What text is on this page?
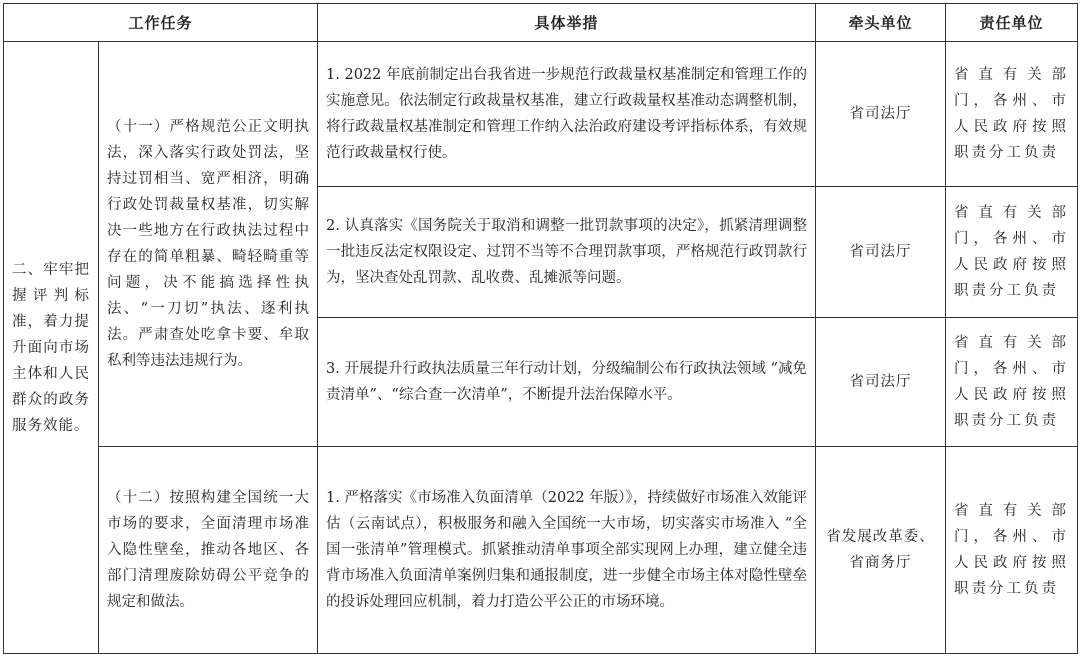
工作任务		具体举措	牵头单位	责任单位
二、牢牢把握评判标准，着力提升面向市场主体和人民群众的政务服务效能。	（十一）严格规范公正文明执法，深入落实行政处罚法，坚持过罚相当、宽严相济，明确行政处罚裁量权基准，切实解决一些地方在行政执法过程中存在的简单粗暴、畸轻畸重等问题，决不能搞选择性执法、“一刀切”执法、逐利执法。严肃查处吃拿卡要、牟取私利等违法违规行为。	1. 2022 年底前制定出台我省进一步规范行政裁量权基准制定和管理工作的实施意见。依法制定行政裁量权基准，建立行政裁量权基准动态调整机制，将行政裁量权基准制定和管理工作纳入法治政府建设考评指标体系，有效规范行政裁量权行使。	省司法厅	省直有关部门，各州、市人民政府按照职责分工负责
		2. 认真落实《国务院关于取消和调整一批罚款事项的决定》，抓紧清理调整一批违反法定权限设定、过罚不当等不合理罚款事项，严格规范行政罚款行为，坚决查处乱罚款、乱收费、乱摊派等问题。	省司法厅	省直有关部门，各州、市人民政府按照职责分工负责
		3. 开展提升行政执法质量三年行动计划，分级编制公布行政执法领域 “减免责清单”、“综合查一次清单”，不断提升法治保障水平。	省司法厅	省直有关部门，各州、市人民政府按照职责分工负责
	（十二）按照构建全国统一大市场的要求，全面清理市场准入隐性壁垒，推动各地区、各部门清理废除妨碍公平竞争的规定和做法。	1. 严格落实《市场准入负面清单（2022 年版）》，持续做好市场准入效能评估（云南试点），积极服务和融入全国统一大市场，切实落实市场准入 “全国一张清单”管理模式。抓紧推动清单事项全部实现网上办理，建立健全违背市场准入负面清单案例归集和通报制度，进一步健全市场主体对隐性壁垒的投诉处理回应机制，着力打造公平公正的市场环境。	省发展改革委、省商务厅	省直有关部门，各州、市人民政府按照职责分工负责
